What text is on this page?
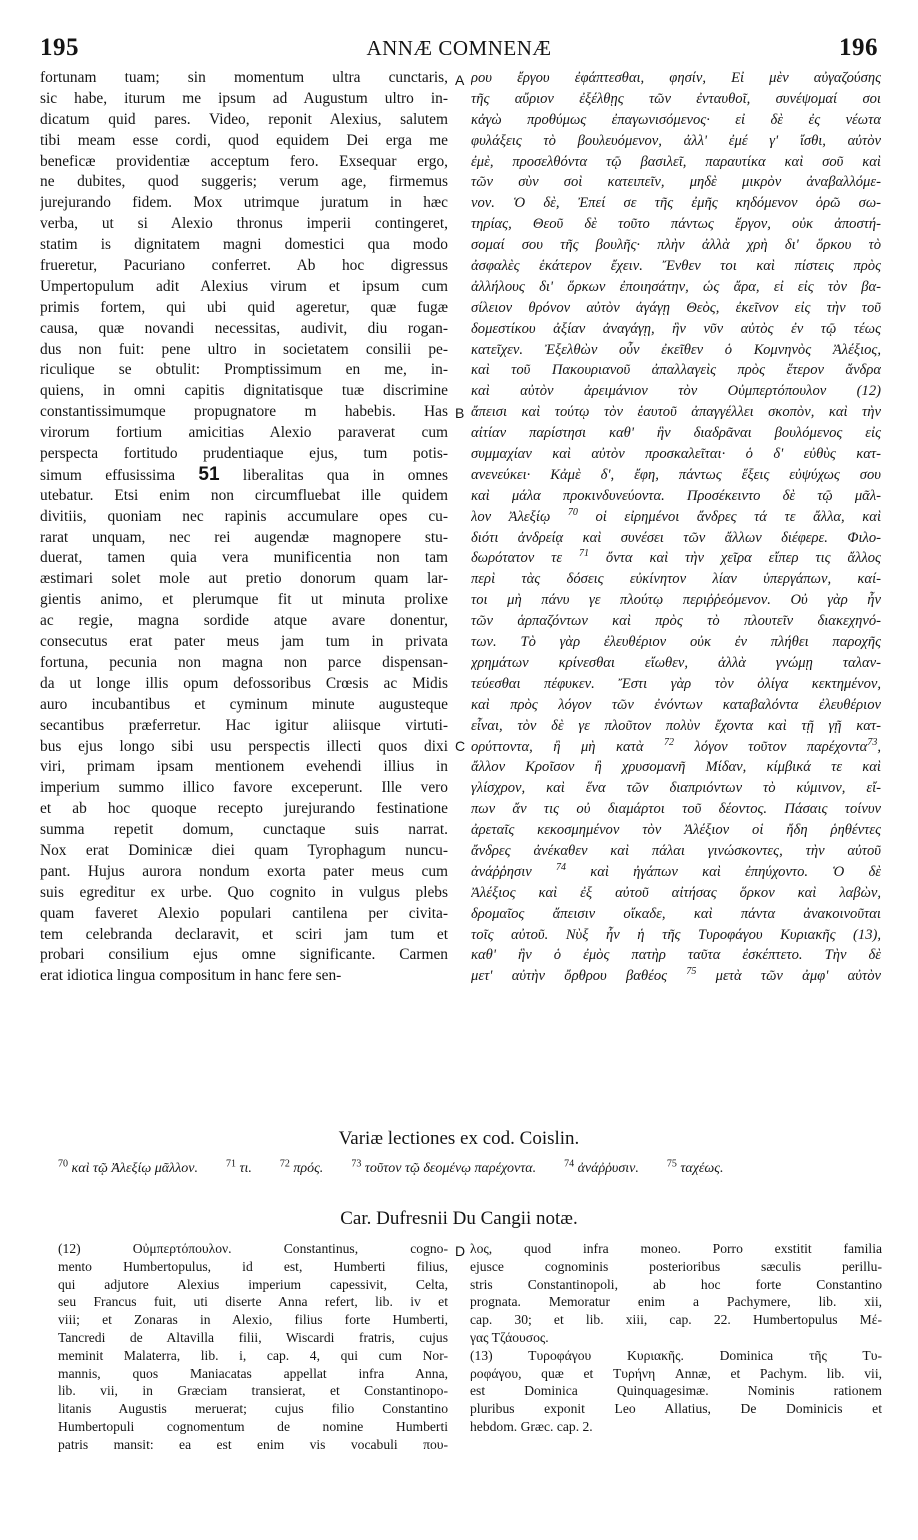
195	ANNÆ COMNENÆ	196
fortunam tuam; sin momentum ultra cunctaris,
sic habe, iturum me ipsum ad Augustum ultro in-
dicatum quid pares. Video, reponit Alexius, salutem
tibi meam esse cordi, quod equidem Dei erga me
beneficæ providentiæ acceptum fero. Exsequar ergo,
ne dubites, quod suggeris; verum age, firmemus
jurejurando fidem. Mox utrimque juratum in hæc
verba, ut si Alexio thronus imperii contingeret,
statim is dignitatem magni domestici qua modo
frueretur, Pacuriano conferret. Ab hoc digressus
Umpertopulum adit Alexius virum et ipsum cum
primis fortem, qui ubi quid ageretur, quæ fugæ
causa, quæ novandi necessitas, audivit, diu rogan-
dus non fuit: pene ultro in societatem consilii pe-
riculique se obtulit: Promptissimum en me, in-
quiens, in omni capitis dignitatisque tuæ discrimine
constantissimumque propugnatore m habebis. Has
virorum fortium amicitias Alexio paraverat cum
perspecta fortitudo prudentiaque ejus, tum potis-
simum effusissima 51 liberalitas qua in omnes
utebatur. Etsi enim non circumfluebat ille quidem
divitiis, quoniam nec rapinis accumulare opes cu-
rarat unquam, nec rei augendæ magnopere stu-
duerat, tamen quia vera munificentia non tam
æstimari solet mole aut pretio donorum quam lar-
gientis animo, et plerumque fit ut minuta prolixe
ac regie, magna sordide atque avare donentur,
consecutus erat pater meus jam tum in privata
fortuna, pecunia non magna non parce dispensan-
da ut longe illis opum defossoribus Crœsis ac Midis
auro incubantibus et cyminum minute augusteque
secantibus præferretur. Hac igitur aliisque virtuti-
bus ejus longo sibi usu perspectis illecti quos dixi
viri, primam ipsam mentionem evehendi illius in
imperium summo illico favore exceperunt. Ille vero
et ab hoc quoque recepto jurejurando festinatione
summa repetit domum, cunctaque suis narrat.
Nox erat Dominicæ diei quam Tyrophagum nuncu-
pant. Hujus aurora nondum exorta pater meus cum
suis egreditur ex urbe. Quo cognito in vulgus plebs
quam faveret Alexio populari cantilena per civita-
tem celebranda declaravit, et sciri jam tum et
probari consilium ejus omne significante. Carmen
erat idiotica lingua compositum in hanc fere sen-
ρου ἔργου ἐφάπτεσθαι, φησίν, Εἰ μὲν αὐγαζούσης
τῆς αὔριον ἐξέλθῃς τῶν ἐνταυθοῖ, συνέψομαί σοι
κἀγὼ προθύμως ἐπαγωνισόμενος· εἰ δὲ ἐς νέωτα
φυλάξεις τὸ βουλευόμενον, ἀλλ' ἐμέ γ' ἴσθι, αὐτὸν
ἐμὲ, προσελθόντα τῷ βασιλεῖ, παραυτίκα καὶ σοῦ καὶ
τῶν σὺν σοὶ κατειπεῖν, μηδὲ μικρὸν ἀναβαλλόμε-
νον. Ὁ δὲ, Ἐπεί σε τῆς ἐμῆς κηδόμενον ὁρῶ σω-
τηρίας, Θεοῦ δὲ τοῦτο πάντως ἔργον, οὐκ ἀποστή-
σομαί σου τῆς βουλῆς· πλὴν ἀλλὰ χρὴ δι' ὅρκου τὸ
ἀσφαλὲς ἑκάτερον ἔχειν. Ἔνθεν τοι καὶ πίστεις πρὸς
ἀλλήλους δι' ὅρκων ἐποιησάτην, ὡς ἄρα, εἰ εἰς τὸν βα-
σίλειον θρόνον αὐτὸν ἀγάγῃ Θεὸς, ἐκεῖνον εἰς τὴν τοῦ
δομεστίκου ἀξίαν ἀναγάγῃ, ἣν νῦν αὐτὸς ἐν τῷ τέως
κατεῖχεν. Ἐξελθὼν οὖν ἐκεῖθεν ὁ Κομνηνὸς Ἀλέξιος,
καὶ τοῦ Πακουριανοῦ ἀπαλλαγεὶς πρὸς ἕτερον ἄνδρα
καὶ αὐτὸν ἀρειμάνιον τὸν Οὐμπερτόπουλον (12)
ἄπεισι καὶ τούτῳ τὸν ἑαυτοῦ ἀπαγγέλλει σκοπὸν, καὶ τὴν
αἰτίαν παρίστησι καθ' ἣν διαδρᾶναι βουλόμενος εἰς
συμμαχίαν καὶ αὐτὸν προσκαλεῖται· ὁ δ' εὐθὺς κατ-
ανενεύκει· Κἀμὲ δ', ἔφη, πάντως ἕξεις εὐψύχως σου
καὶ μάλα προκινδυνεύοντα. Προσέκειντο δὲ τῷ μᾶλ-
λον Ἀλεξίῳ $^{70}$ οἱ εἰρημένοι ἄνδρες τά τε ἄλλα, καὶ
διότι ἀνδρείᾳ καὶ συνέσει τῶν ἄλλων διέφερε. Φιλο-
δωρότατον τε $^{71}$ ὄντα καὶ τὴν χεῖρα εἴπερ τις ἄλλος
περὶ τὰς δόσεις εὐκίνητον λίαν ὑπεργάπων, καί-
τοι μὴ πάνυ γε πλούτῳ περιῤῥεόμενον. Οὐ γὰρ ἦν
τῶν ἁρπαζόντων καὶ πρὸς τὸ πλουτεῖν διακεχηνό-
των. Τὸ γὰρ ἐλευθέριον οὐκ ἐν πλήθει παροχῆς
χρημάτων κρίνεσθαι εἴωθεν, ἀλλὰ γνώμῃ ταλαν-
τεύεσθαι πέφυκεν. Ἔστι γὰρ τὸν ὀλίγα κεκτημένον,
καὶ πρὸς λόγον τῶν ἐνόντων καταβαλόντα ἐλευθέριον
εἶναι, τὸν δὲ γε πλοῦτον πολὺν ἔχοντα καὶ τῇ γῇ κατ-
ορύττοντα, ἢ μὴ κατὰ $^{72}$ λόγον τοῦτον παρέχοντα$^{73}$,
ἄλλον Κροῖσον ἢ χρυσομανῆ Μίδαν, κίμβικά τε καὶ
γλίσχρον, καὶ ἕνα τῶν διαπριόντων τὸ κύμινον, εἴ-
πων ἄν τις οὐ διαμάρτοι τοῦ δέοντος. Πάσαις τοίνυν
ἀρεταῖς κεκοσμημένον τὸν Ἀλέξιον οἱ ἤδη ῥηθέντες
ἄνδρες ἀνέκαθεν καὶ πάλαι γινώσκοντες, τὴν αὐτοῦ
ἀνάῤῥησιν $^{74}$ καὶ ἠγάπων καὶ ἐπηύχοντο. Ὁ δὲ
Ἀλέξιος καὶ ἐξ αὐτοῦ αἰτήσας ὅρκον καὶ λαβὼν,
δρομαῖος ἄπεισιν οἴκαδε, καὶ πάντα ἀνακοινοῦται
τοῖς αὐτοῦ. Νὺξ ἦν ἡ τῆς Τυροφάγου Κυριακῆς (13),
καθ' ἣν ὁ ἐμὸς πατὴρ ταῦτα ἐσκέπτετο. Τὴν δὲ
μετ' αὐτὴν ὄρθρου βαθέος $^{75}$ μετὰ τῶν ἀμφ' αὐτὸν
A
B
C
D
Variæ lectiones ex cod. Coislin.
$^{70}$ καὶ τῷ Ἀλεξίῳ μᾶλλον.	$^{71}$ τι.	$^{72}$ πρός.	$^{73}$ τοῦτον τῷ δεομένῳ παρέχοντα.	$^{74}$ ἀνάῤῥυσιν.	$^{75}$ ταχέως.
Car. Dufresnii Du Cangii notæ.
(12) Οὐμπερτόπουλον. Constantinus, cogno-
mento Humbertopulus, id est, Humberti filius,
qui adjutore Alexius imperium capessivit, Celta,
seu Francus fuit, uti diserte Anna refert, lib. iv et
viii; et Zonaras in Alexio, filius forte Humberti,
Tancredi de Altavilla filii, Wiscardi fratris, cujus
meminit Malaterra, lib. i, cap. 4, qui cum Nor-
mannis, quos Maniacatas appellat infra Anna,
lib. vii, in Græciam transierat, et Constantinopo-
litanis Augustis meruerat; cujus filio Constantino
Humbertopuli cognomentum de nomine Humberti
patris mansit: ea est enim vis vocabuli που-
λος, quod infra moneo. Porro exstitit familia
ejusce cognominis posterioribus sæculis perillu-
stris Constantinopoli, ab hoc forte Constantino
prognata. Memoratur enim a Pachymere, lib. xii,
cap. 30; et lib. xiii, cap. 22. Humbertopulus Μέ-
γας Τζάουσος.
(13) Τυροφάγου Κυριακῆς. Dominica τῆς Τυ-
ροφάγου, quæ et Τυρήνη Annæ, et Pachym. lib. vii,
est Dominica Quinquagesimæ. Nominis rationem
pluribus exponit Leo Allatius, De Dominicis et
hebdom. Græc. cap. 2.
